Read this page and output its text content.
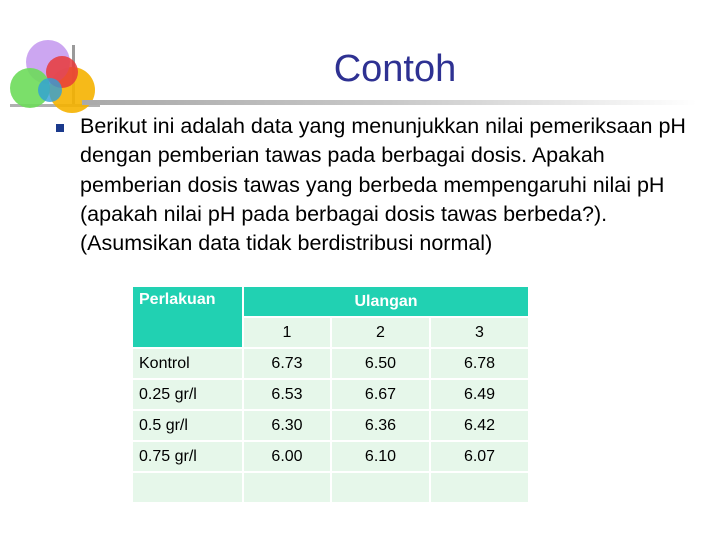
Contoh
Berikut ini adalah data yang menunjukkan nilai pemeriksaan pH dengan pemberian tawas pada berbagai dosis. Apakah pemberian dosis tawas yang berbeda mempengaruhi nilai pH (apakah nilai pH pada berbagai dosis tawas berbeda?). (Asumsikan data tidak berdistribusi normal)
Perlakuan	Ulangan		
	1	2	3
Kontrol	6.73	6.50	6.78
0.25 gr/l	6.53	6.67	6.49
0.5 gr/l	6.30	6.36	6.42
0.75 gr/l	6.00	6.10	6.07
